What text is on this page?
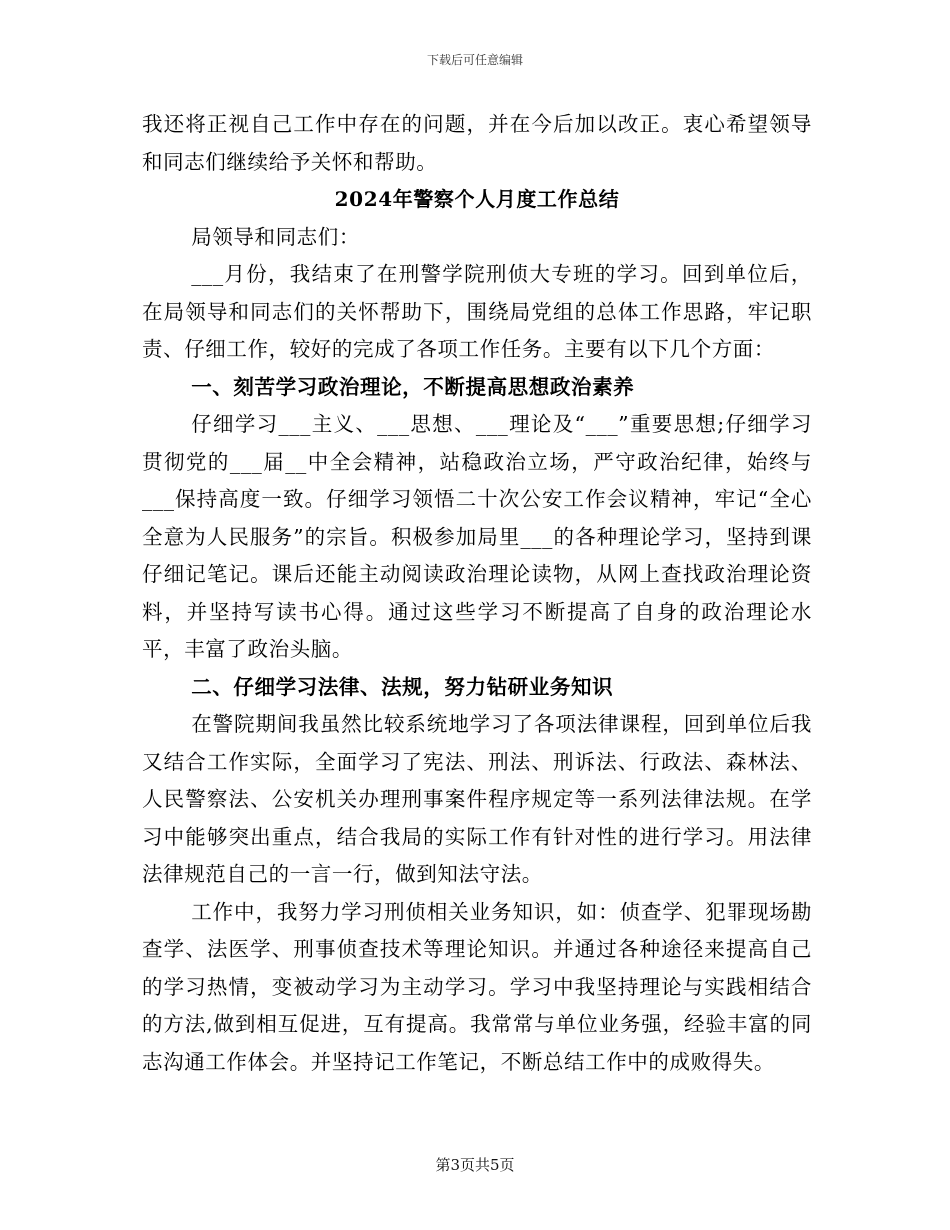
下载后可任意编辑

我还将正视自己工作中存在的问题，并在今后加以改正。衷心希望领导和同志们继续给予关怀和帮助。

2024年警察个人月度工作总结

局领导和同志们：

___月份，我结束了在刑警学院刑侦大专班的学习。回到单位后，在局领导和同志们的关怀帮助下，围绕局党组的总体工作思路，牢记职责、仔细工作，较好的完成了各项工作任务。主要有以下几个方面：

一、刻苦学习政治理论，不断提高思想政治素养

仔细学习___主义、___思想、___理论及“___”重要思想;仔细学习贯彻党的___届__中全会精神，站稳政治立场，严守政治纪律，始终与___保持高度一致。仔细学习领悟二十次公安工作会议精神，牢记“全心全意为人民服务”的宗旨。积极参加局里___的各种理论学习，坚持到课仔细记笔记。课后还能主动阅读政治理论读物，从网上查找政治理论资料，并坚持写读书心得。通过这些学习不断提高了自身的政治理论水平，丰富了政治头脑。

二、仔细学习法律、法规，努力钻研业务知识

在警院期间我虽然比较系统地学习了各项法律课程，回到单位后我又结合工作实际，全面学习了宪法、刑法、刑诉法、行政法、森林法、人民警察法、公安机关办理刑事案件程序规定等一系列法律法规。在学习中能够突出重点，结合我局的实际工作有针对性的进行学习。用法律法律规范自己的一言一行，做到知法守法。

工作中，我努力学习刑侦相关业务知识，如：侦查学、犯罪现场勘查学、法医学、刑事侦查技术等理论知识。并通过各种途径来提高自己的学习热情，变被动学习为主动学习。学习中我坚持理论与实践相结合的方法,做到相互促进，互有提高。我常常与单位业务强，经验丰富的同志沟通工作体会。并坚持记工作笔记，不断总结工作中的成败得失。

第3页共5页
